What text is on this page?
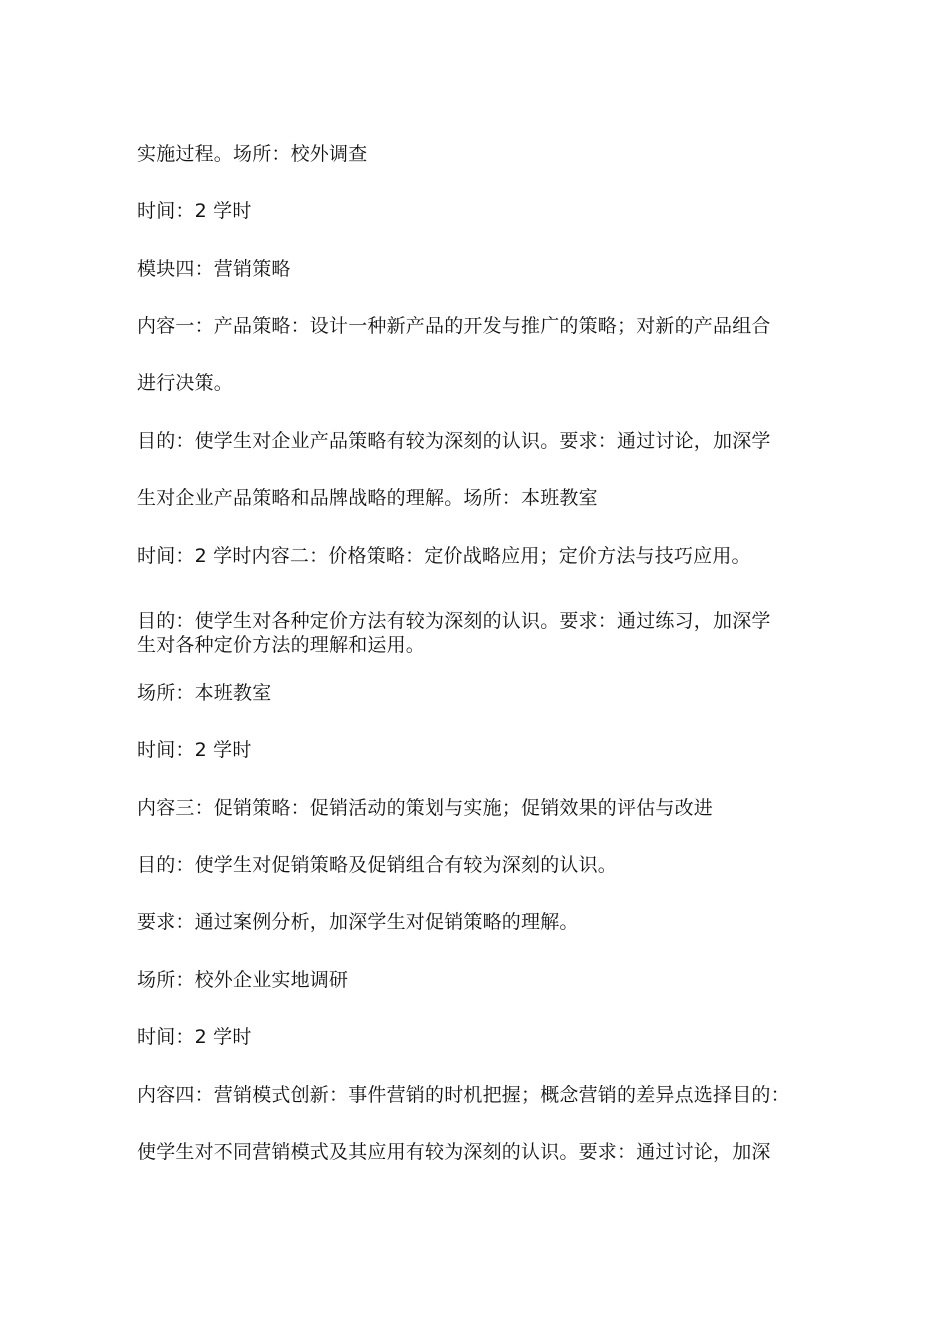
实施过程。场所：校外调查
时间：2 学时
模块四：营销策略
内容一：产品策略：设计一种新产品的开发与推广的策略；对新的产品组合
进行决策。
目的：使学生对企业产品策略有较为深刻的认识。要求：通过讨论，加深学
生对企业产品策略和品牌战略的理解。场所：本班教室
时间：2 学时内容二：价格策略：定价战略应用；定价方法与技巧应用。
目的：使学生对各种定价方法有较为深刻的认识。要求：通过练习，加深学
生对各种定价方法的理解和运用。
场所：本班教室
时间：2 学时
内容三：促销策略：促销活动的策划与实施；促销效果的评估与改进
目的：使学生对促销策略及促销组合有较为深刻的认识。
要求：通过案例分析，加深学生对促销策略的理解。
场所：校外企业实地调研
时间：2 学时
内容四：营销模式创新：事件营销的时机把握；概念营销的差异点选择目的：
使学生对不同营销模式及其应用有较为深刻的认识。要求：通过讨论，加深
